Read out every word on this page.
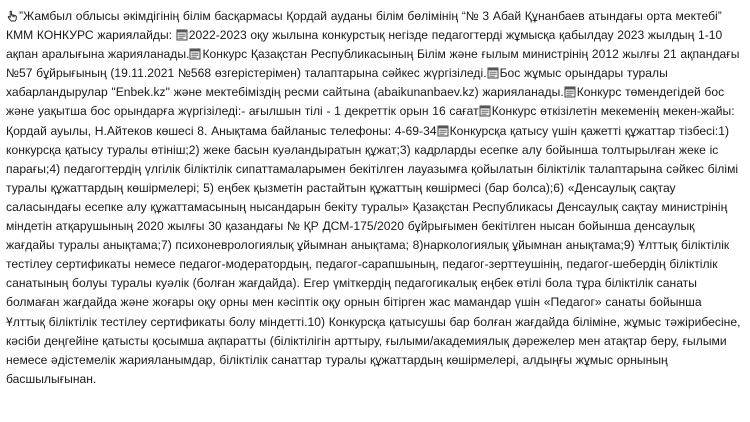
”Жамбыл облысы әкімдігінің білім басқармасы Қордай ауданы білім бөлімінің “№ 3 Абай Құнанбаев атындағы орта мектебі” КММ КОНКУРС жариялайды:
2022-2023 оқу жылына конкурстық негізде педагогтерді жұмысқа қабылдау 2023 жылдың 1-10 ақпан аралығына жарияланады. Конкурс Қазақстан Республикасының Білім және ғылым министрінің 2012 жылғы 21 ақпандағы №57 бұйрығының (19.11.2021 №568 өзгерістерімен) талаптарына сәйкес жүргізіледі. Бос жұмыс орындары туралы хабарландырулар "Enbek.kz" және мектебіміздің ресми сайтына (abaikunanbaev.kz) жарияланады. Конкурс төмендегідей бос және уақытша бос орындарға жүргізіледі:- ағылшын тілі - 1 декреттік орын 16 сағат Конкурс өткізілетін мекеменің мекен-жайы: Қордай ауылы, Н.Айтеков көшесі 8. Анықтама байланыс телефоны: 4-69-34 Конкурсқа қатысу үшін қажетті құжаттар тізбесі:1) конкурсқа қатысу туралы өтініш;2) жеке басын куәландыратын құжат;3) кадрларды есепке алу бойынша толтырылған жеке іс парағы;4) педагогтердің үлгілік біліктілік сипаттамаларымен бекітілген лауазымға қойылатын біліктілік талаптарына сәйкес білімі туралы құжаттардың көшірмелері; 5) еңбек қызметін растайтын құжаттың көшірмесі (бар болса);6) «Денсаулық сақтау саласындағы есепке алу құжаттамасының нысандарын бекіту туралы» Қазақстан Республикасы Денсаулық сақтау министрінің міндетін атқарушының 2020 жылғы 30 қазандағы № ҚР ДСМ-175/2020 бұйрығымен бекітілген нысан бойынша денсаулық жағдайы туралы анықтама;7) психоневрологиялық ұйымнан анықтама; 8)наркологиялық ұйымнан анықтама;9) Ұлттық біліктілік тестілеу сертификаты немесе педагог-модератордың, педагог-сарапшының, педагог-зерттеушінің, педагог-шебердің біліктілік санатының болуы туралы куәлік (болған жағдайда). Егер үміткердің педагогикалық еңбек өтілі бола тұра біліктілік санаты болмаған жағдайда және жоғары оқу орны мен кәсіптік оқу орнын бітірген жас мамандар үшін «Педагог» санаты бойынша Ұлттық біліктілік тестілеу сертификаты болу міндетті.10) Конкурсқа қатысушы бар болған жағдайда біліміне, жұмыс тәжірибесіне, кәсіби деңгейіне қатысты қосымша ақпаратты (біліктілігін арттыру, ғылыми/академиялық дәрежелер мен атақтар беру, ғылыми немесе әдістемелік жарияланымдар, біліктілік санаттар туралы құжаттардың көшірмелері, алдыңғы жұмыс орнының басшылығынан.
